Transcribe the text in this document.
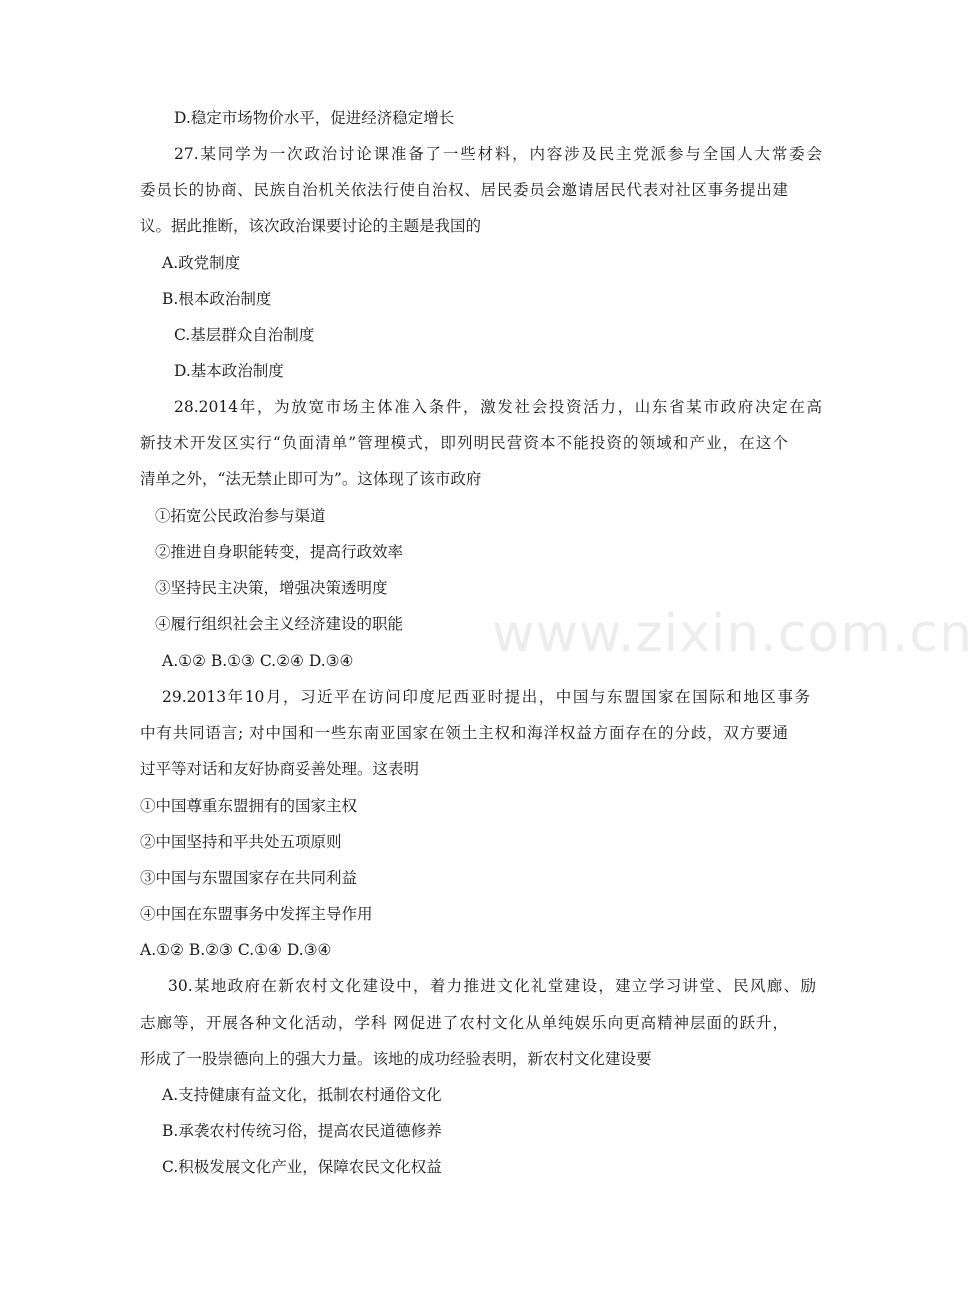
www.zixin.com.cn
D.稳定市场物价水平，促进经济稳定增长
27.某同学为一次政治讨论课准备了一些材料，内容涉及民主党派参与全国人大常委会
委员长的协商、民族自治机关依法行使自治权、居民委员会邀请居民代表对社区事务提出建
议。据此推断，该次政治课要讨论的主题是我国的
A.政党制度
B.根本政治制度
C.基层群众自治制度
D.基本政治制度
28.2014年，为放宽市场主体准入条件，激发社会投资活力，山东省某市政府决定在高
新技术开发区实行“负面清单”管理模式，即列明民营资本不能投资的领域和产业，在这个
清单之外，“法无禁止即可为”。这体现了该市政府
①拓宽公民政治参与渠道
②推进自身职能转变，提高行政效率
③坚持民主决策，增强决策透明度
④履行组织社会主义经济建设的职能
A.①② B.①③ C.②④ D.③④
29.2013年10月，习近平在访问印度尼西亚时提出，中国与东盟国家在国际和地区事务
中有共同语言; 对中国和一些东南亚国家在领土主权和海洋权益方面存在的分歧，双方要通
过平等对话和友好协商妥善处理。这表明
①中国尊重东盟拥有的国家主权
②中国坚持和平共处五项原则
③中国与东盟国家存在共同利益
④中国在东盟事务中发挥主导作用
A.①② B.②③ C.①④ D.③④
30.某地政府在新农村文化建设中，着力推进文化礼堂建设，建立学习讲堂、民风廊、励
志廊等，开展各种文化活动，学科 网促进了农村文化从单纯娱乐向更高精神层面的跃升，
形成了一股崇德向上的强大力量。该地的成功经验表明，新农村文化建设要
A.支持健康有益文化，抵制农村通俗文化
B.承袭农村传统习俗，提高农民道德修养
C.积极发展文化产业，保障农民文化权益
